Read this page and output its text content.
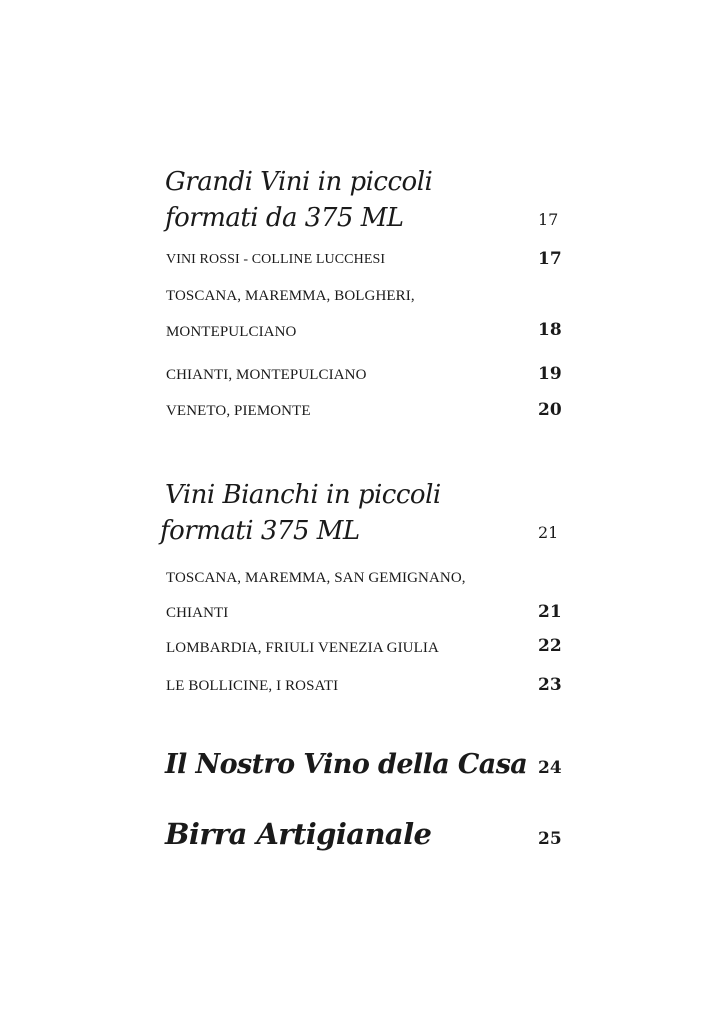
Grandi Vini in piccoli
formati da 375 ML	17
VINI ROSSI - COLLINE LUCCHESI	17
TOSCANA, MAREMMA, BOLGHERI,
MONTEPULCIANO	18
CHIANTI, MONTEPULCIANO	19
VENETO, PIEMONTE	20
Vini Bianchi in piccoli
formati 375 ML	21
TOSCANA, MAREMMA, SAN GEMIGNANO,
CHIANTI	21
LOMBARDIA, FRIULI VENEZIA GIULIA	22
LE BOLLICINE, I ROSATI	23
Il Nostro Vino della Casa 24
Birra Artigianale	25
